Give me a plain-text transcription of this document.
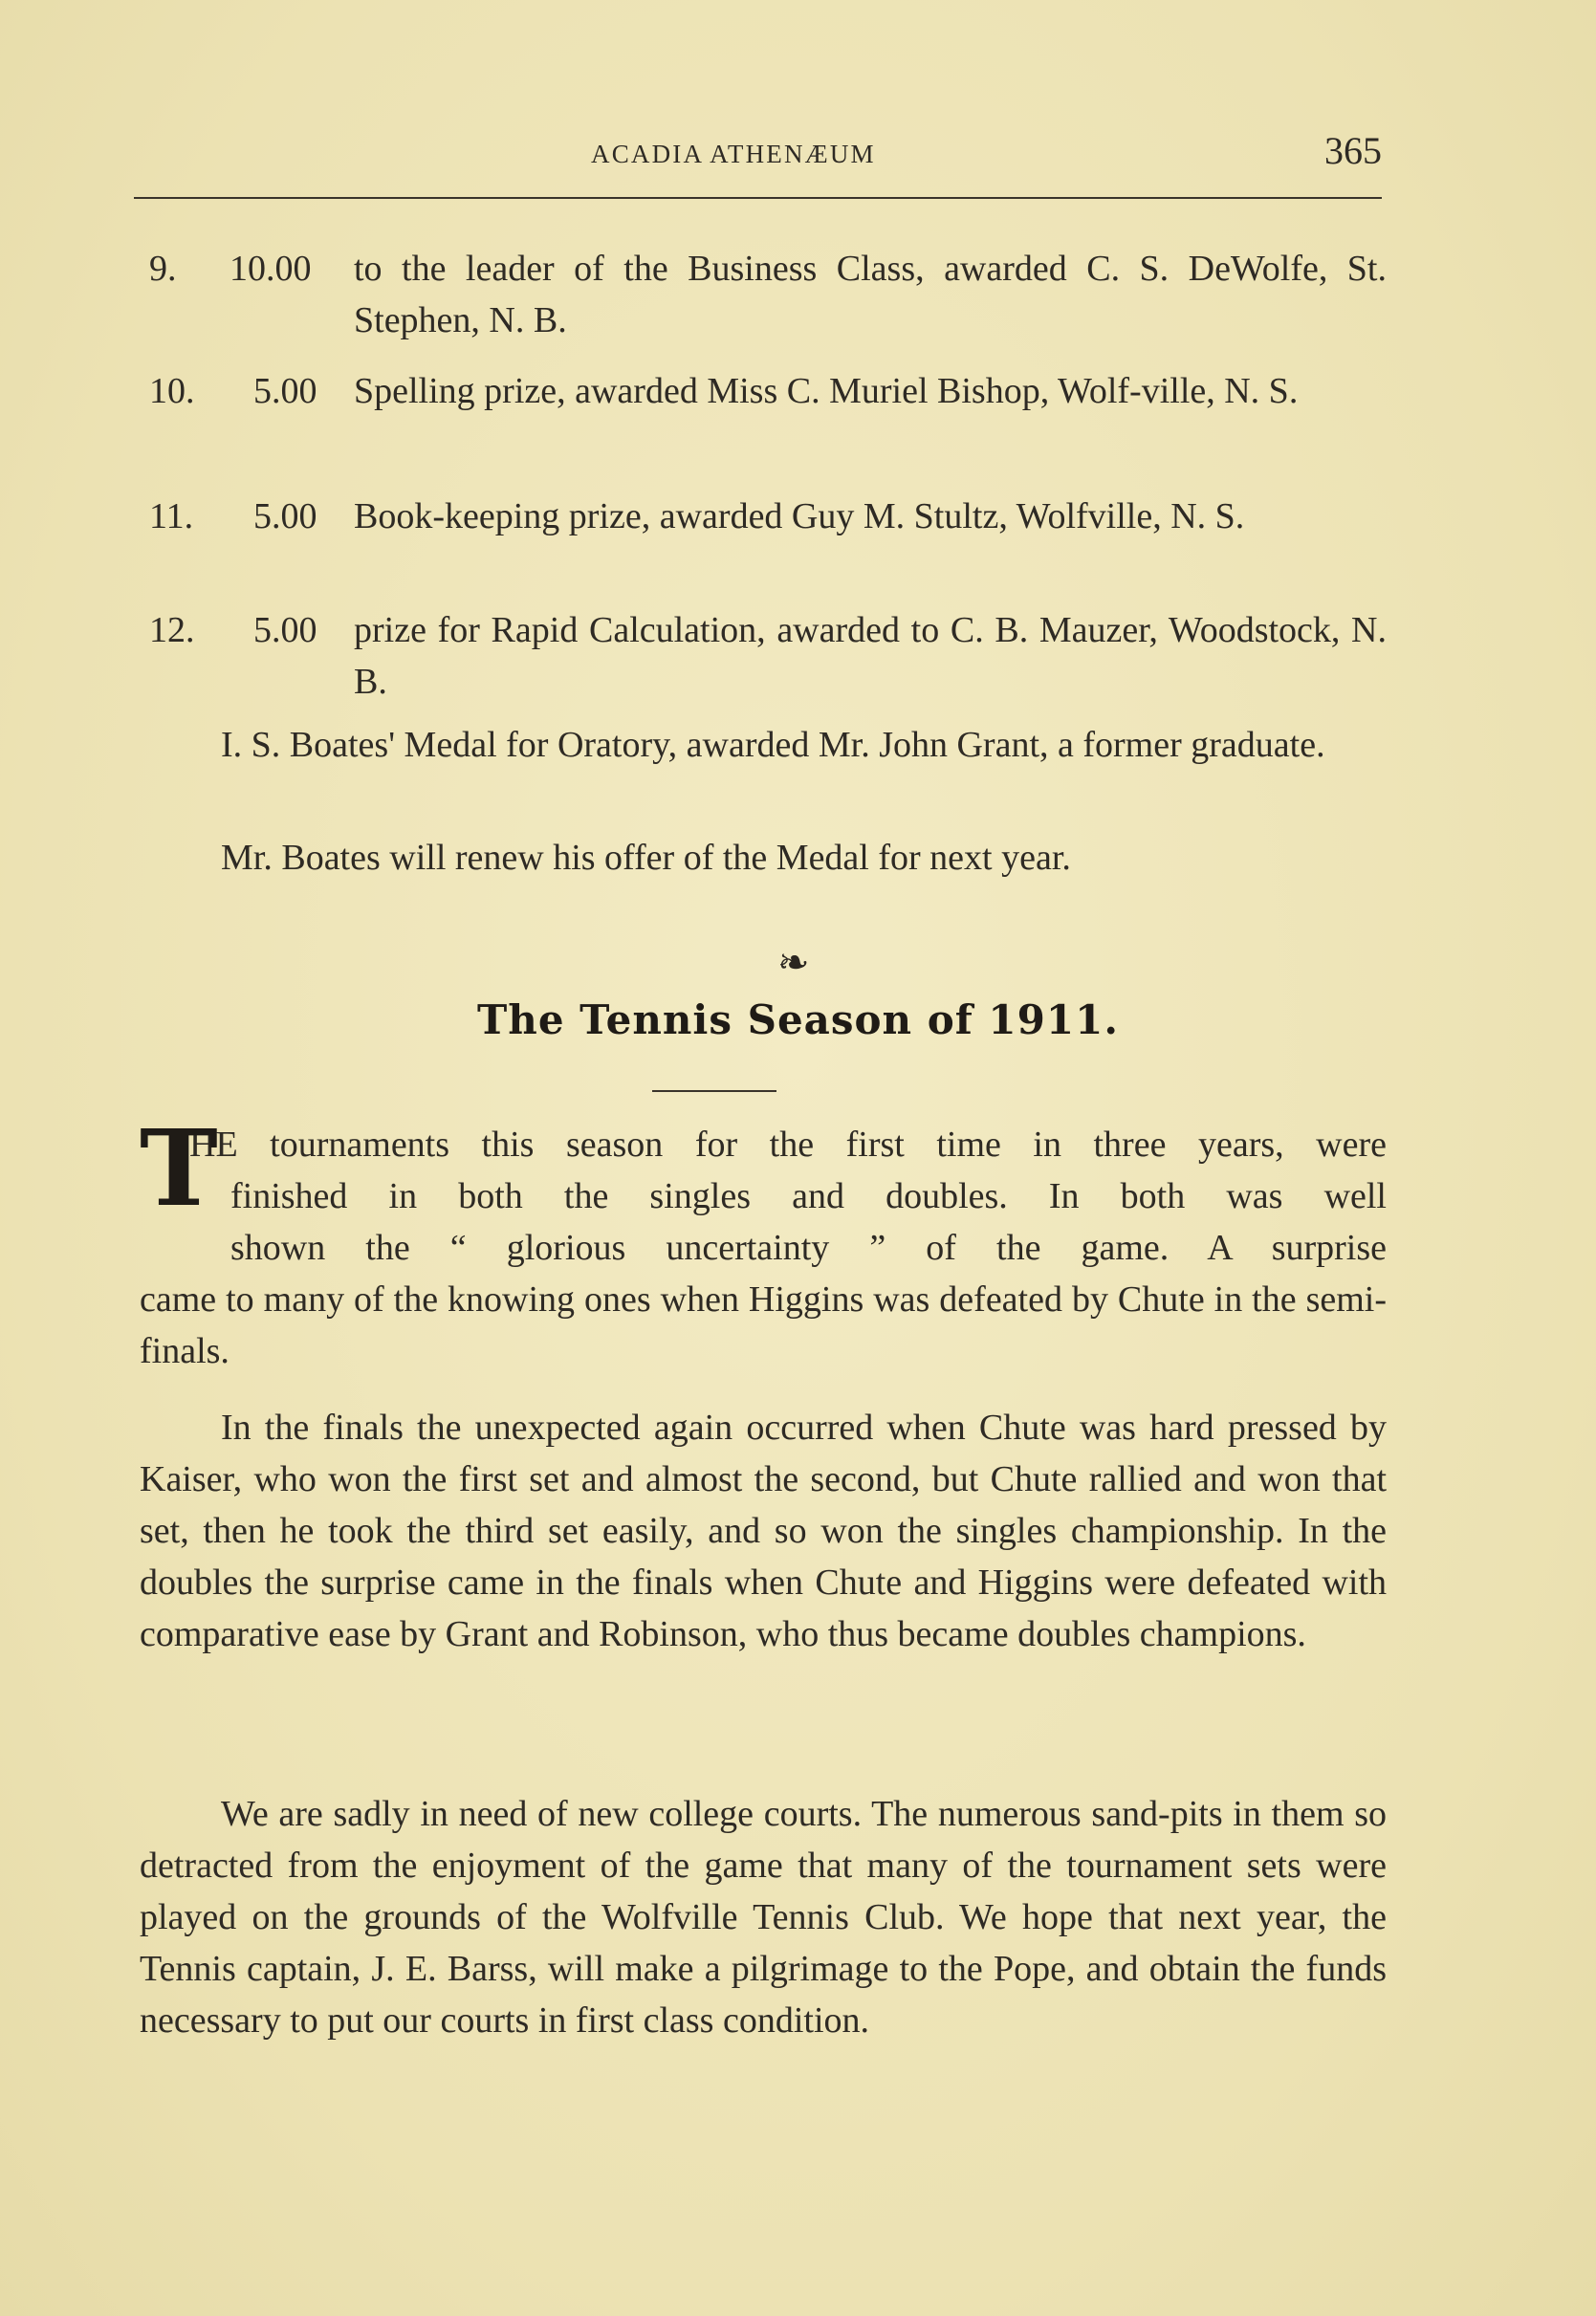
ACADIA ATHENÆUM	365
9. 10.00 to the leader of the Business Class, awarded C. S. DeWolfe, St. Stephen, N. B.
10. 5.00 Spelling prize, awarded Miss C. Muriel Bishop, Wolf-ville, N. S.
11. 5.00 Book-keeping prize, awarded Guy M. Stultz, Wolfville, N. S.
12. 5.00 prize for Rapid Calculation, awarded to C. B. Mauzer, Woodstock, N. B.

I. S. Boates' Medal for Oratory, awarded Mr. John Grant, a former graduate.

Mr. Boates will renew his offer of the Medal for next year.

❧
The Tennis Season of 1911.
T
HE tournaments this season for the first time in three years, were
finished in both the singles and doubles. In both was well
shown the “ glorious uncertainty ” of the game. A surprise
came to many of the knowing ones when Higgins was defeated by Chute in the semi-finals.

In the finals the unexpected again occurred when Chute was hard pressed by Kaiser, who won the first set and almost the second, but Chute rallied and won that set, then he took the third set easily, and so won the singles championship. In the doubles the surprise came in the finals when Chute and Higgins were defeated with comparative ease by Grant and Robinson, who thus became doubles champions.

We are sadly in need of new college courts. The numerous sand-pits in them so detracted from the enjoyment of the game that many of the tournament sets were played on the grounds of the Wolfville Tennis Club. We hope that next year, the Tennis captain, J. E. Barss, will make a pilgrimage to the Pope, and obtain the funds necessary to put our courts in first class condition.
